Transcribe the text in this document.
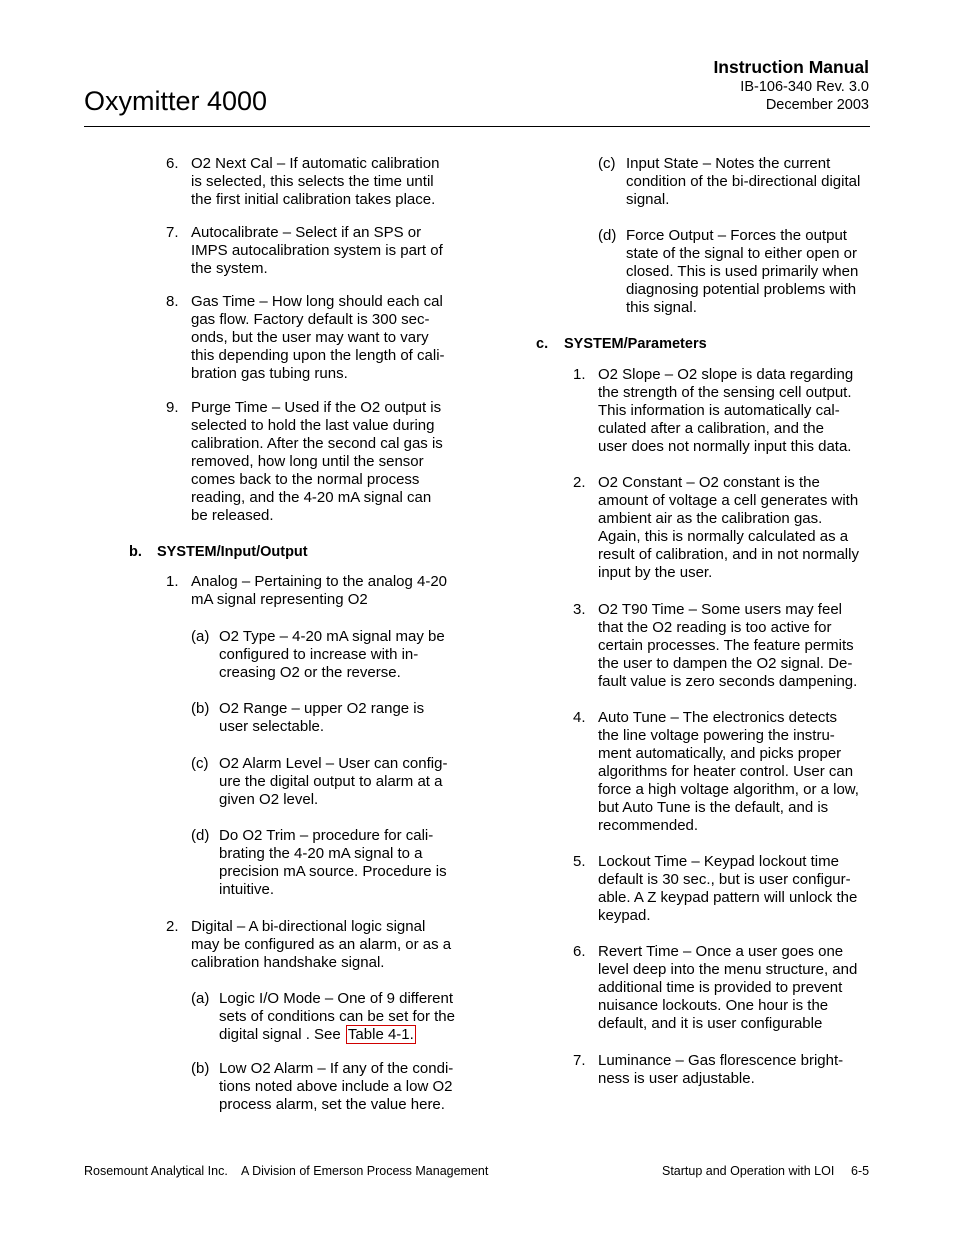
Oxymitter 4000
Instruction Manual
IB-106-340 Rev. 3.0
December 2003
6. O2 Next Cal – If automatic calibration
is selected, this selects the time until
the first initial calibration takes place.
7. Autocalibrate – Select if an SPS or
IMPS autocalibration system is part of
the system.
8. Gas Time – How long should each cal
gas flow. Factory default is 300 sec-
onds, but the user may want to vary
this depending upon the length of cali-
bration gas tubing runs.
9. Purge Time – Used if the O2 output is
selected to hold the last value during
calibration. After the second cal gas is
removed, how long until the sensor
comes back to the normal process
reading, and the 4-20 mA signal can
be released.
b. SYSTEM/Input/Output
1. Analog – Pertaining to the analog 4-20
mA signal representing O2
(a) O2 Type – 4-20 mA signal may be
configured to increase with in-
creasing O2 or the reverse.
(b) O2 Range – upper O2 range is
user selectable.
(c) O2 Alarm Level – User can config-
ure the digital output to alarm at a
given O2 level.
(d) Do O2 Trim – procedure for cali-
brating the 4-20 mA signal to a
precision mA source. Procedure is
intuitive.
2. Digital – A bi-directional logic signal
may be configured as an alarm, or as a
calibration handshake signal.
(a) Logic I/O Mode – One of 9 different
sets of conditions can be set for the
digital signal . See Table 4-1.
(b) Low O2 Alarm – If any of the condi-
tions noted above include a low O2
process alarm, set the value here.
(c) Input State – Notes the current
condition of the bi-directional digital
signal.
(d) Force Output – Forces the output
state of the signal to either open or
closed. This is used primarily when
diagnosing potential problems with
this signal.
c. SYSTEM/Parameters
1. O2 Slope – O2 slope is data regarding
the strength of the sensing cell output.
This information is automatically cal-
culated after a calibration, and the
user does not normally input this data.
2. O2 Constant – O2 constant is the
amount of voltage a cell generates with
ambient air as the calibration gas.
Again, this is normally calculated as a
result of calibration, and in not normally
input by the user.
3. O2 T90 Time – Some users may feel
that the O2 reading is too active for
certain processes. The feature permits
the user to dampen the O2 signal. De-
fault value is zero seconds dampening.
4. Auto Tune – The electronics detects
the line voltage powering the instru-
ment automatically, and picks proper
algorithms for heater control. User can
force a high voltage algorithm, or a low,
but Auto Tune is the default, and is
recommended.
5. Lockout Time – Keypad lockout time
default is 30 sec., but is user configur-
able. A Z keypad pattern will unlock the
keypad.
6. Revert Time – Once a user goes one
level deep into the menu structure, and
additional time is provided to prevent
nuisance lockouts. One hour is the
default, and it is user configurable
7. Luminance – Gas florescence bright-
ness is user adjustable.
Rosemount Analytical Inc. A Division of Emerson Process Management	Startup and Operation with LOI 6-5
